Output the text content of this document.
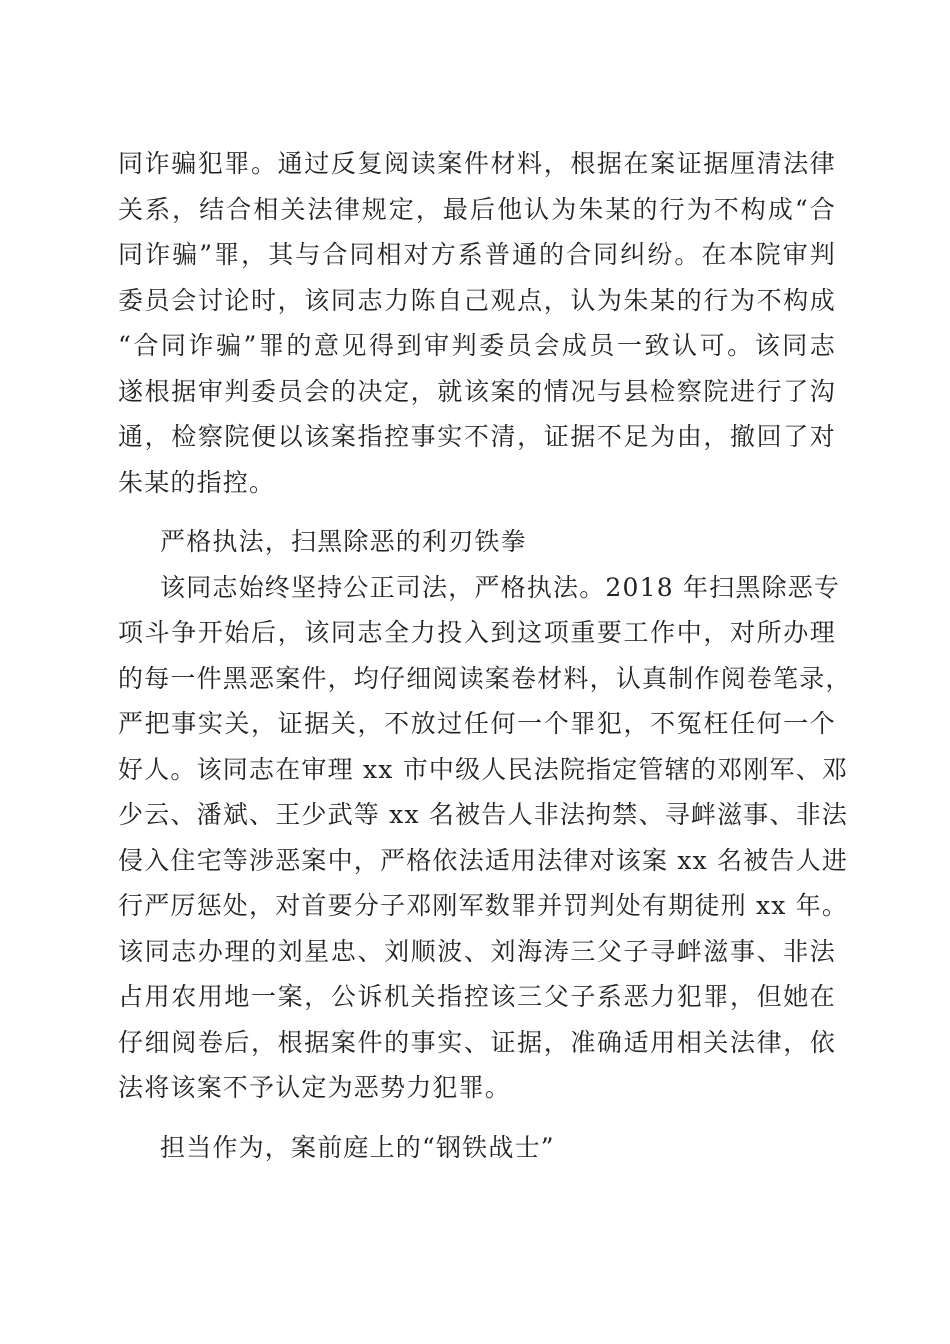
同诈骗犯罪。通过反复阅读案件材料，根据在案证据厘清法律
关系，结合相关法律规定，最后他认为朱某的行为不构成“合
同诈骗”罪，其与合同相对方系普通的合同纠纷。在本院审判
委员会讨论时，该同志力陈自己观点，认为朱某的行为不构成
“合同诈骗”罪的意见得到审判委员会成员一致认可。该同志
遂根据审判委员会的决定，就该案的情况与县检察院进行了沟
通，检察院便以该案指控事实不清，证据不足为由，撤回了对
朱某的指控。
严格执法，扫黑除恶的利刃铁拳
该同志始终坚持公正司法，严格执法。2018 年扫黑除恶专
项斗争开始后，该同志全力投入到这项重要工作中，对所办理
的每一件黑恶案件，均仔细阅读案卷材料，认真制作阅卷笔录，
严把事实关，证据关，不放过任何一个罪犯，不冤枉任何一个
好人。该同志在审理 xx 市中级人民法院指定管辖的邓刚军、邓
少云、潘斌、王少武等 xx 名被告人非法拘禁、寻衅滋事、非法
侵入住宅等涉恶案中，严格依法适用法律对该案 xx 名被告人进
行严厉惩处，对首要分子邓刚军数罪并罚判处有期徒刑 xx 年。
该同志办理的刘星忠、刘顺波、刘海涛三父子寻衅滋事、非法
占用农用地一案，公诉机关指控该三父子系恶力犯罪，但她在
仔细阅卷后，根据案件的事实、证据，准确适用相关法律，依
法将该案不予认定为恶势力犯罪。
担当作为，案前庭上的“钢铁战士”
